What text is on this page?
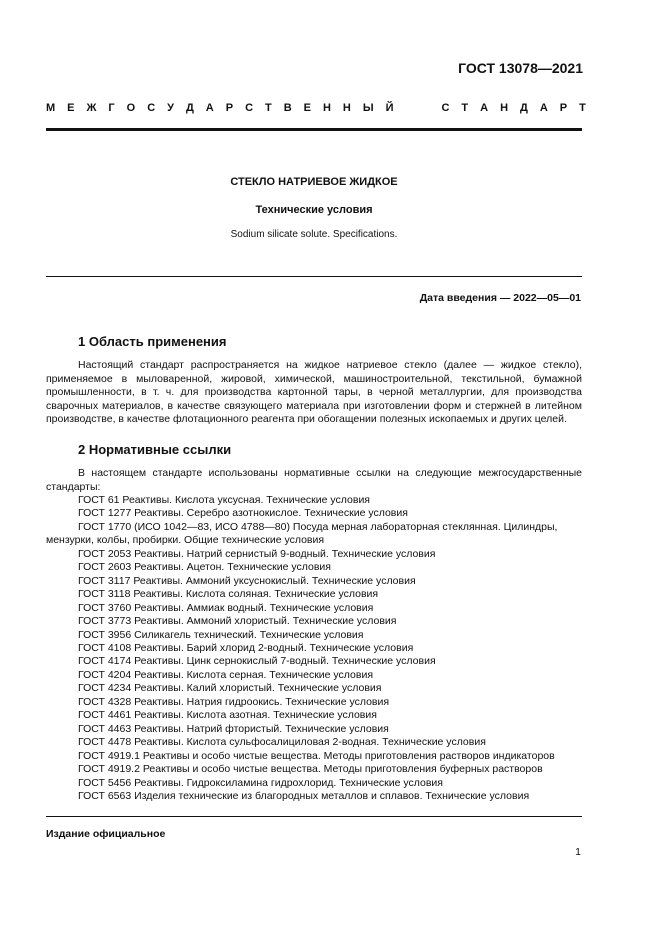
ГОСТ 13078—2021
М Е Ж Г О С У Д А Р С Т В Е Н Н Ы Й	С Т А Н Д А Р Т
СТЕКЛО НАТРИЕВОЕ ЖИДКОЕ
Технические условия
Sodium silicate solute. Specifications.
Дата введения — 2022—05—01
1 Область применения

Настоящий стандарт распространяется на жидкое натриевое стекло (далее — жидкое стекло), применяемое в мыловаренной, жировой, химической, машиностроительной, текстильной, бумажной промышленности, в т. ч. для производства картонной тары, в черной металлургии, для производства сварочных материалов, в качестве связующего материала при изготовлении форм и стержней в литейном производстве, в качестве флотационного реагента при обогащении полезных ископаемых и других целей.

2 Нормативные ссылки

В настоящем стандарте использованы нормативные ссылки на следующие межгосударственные стандарты:

ГОСТ 61 Реактивы. Кислота уксусная. Технические условия
ГОСТ 1277 Реактивы. Серебро азотнокислое. Технические условия
ГОСТ 1770 (ИСО 1042—83, ИСО 4788—80) Посуда мерная лабораторная стеклянная. Цилиндры,
мензурки, колбы, пробирки. Общие технические условия
ГОСТ 2053 Реактивы. Натрий сернистый 9-водный. Технические условия
ГОСТ 2603 Реактивы. Ацетон. Технические условия
ГОСТ 3117 Реактивы. Аммоний уксуснокислый. Технические условия
ГОСТ 3118 Реактивы. Кислота соляная. Технические условия
ГОСТ 3760 Реактивы. Аммиак водный. Технические условия
ГОСТ 3773 Реактивы. Аммоний хлористый. Технические условия
ГОСТ 3956 Силикагель технический. Технические условия
ГОСТ 4108 Реактивы. Барий хлорид 2-водный. Технические условия
ГОСТ 4174 Реактивы. Цинк сернокислый 7-водный. Технические условия
ГОСТ 4204 Реактивы. Кислота серная. Технические условия
ГОСТ 4234 Реактивы. Калий хлористый. Технические условия
ГОСТ 4328 Реактивы. Натрия гидроокись. Технические условия
ГОСТ 4461 Реактивы. Кислота азотная. Технические условия
ГОСТ 4463 Реактивы. Натрий фтористый. Технические условия
ГОСТ 4478 Реактивы. Кислота сульфосалициловая 2-водная. Технические условия
ГОСТ 4919.1 Реактивы и особо чистые вещества. Методы приготовления растворов индикаторов
ГОСТ 4919.2 Реактивы и особо чистые вещества. Методы приготовления буферных растворов
ГОСТ 5456 Реактивы. Гидроксиламина гидрохлорид. Технические условия
ГОСТ 6563 Изделия технические из благородных металлов и сплавов. Технические условия
Издание официальное
1
